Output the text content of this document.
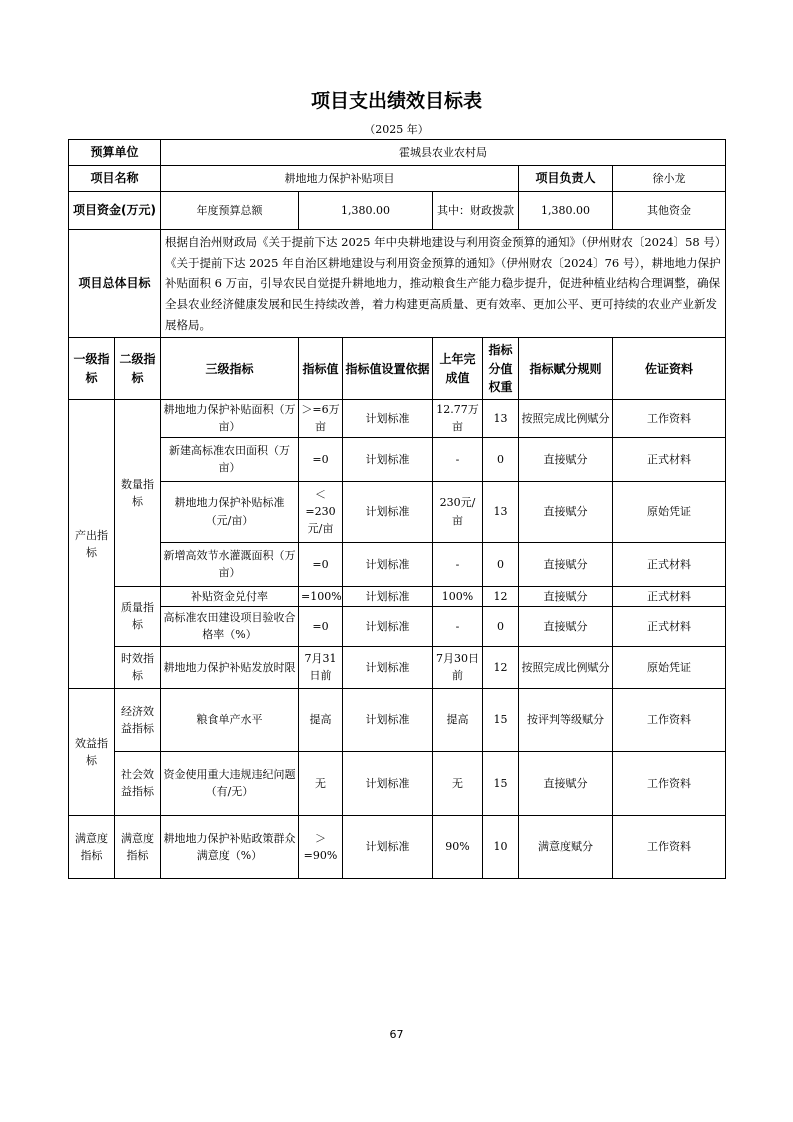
项目支出绩效目标表
（2025 年）
预算单位		霍城县农业农村局						
项目名称		耕地地力保护补贴项目					项目负责人	徐小龙
项目资金(万元)		年度预算总额	1,380.00		其中：财政拨款		1,380.00	其他资金
项目总体目标		根据自治州财政局《关于提前下达 2025 年中央耕地建设与利用资金预算的通知》（伊州财农〔2024〕58 号）《关于提前下达 2025 年自治区耕地建设与利用资金预算的通知》（伊州财农〔2024〕76 号），耕地地力保护补贴面积 6 万亩，引导农民自觉提升耕地地力，推动粮食生产能力稳步提升，促进种植业结构合理调整，确保全县农业经济健康发展和民生持续改善，着力构建更高质量、更有效率、更加公平、更可持续的农业产业新发展格局。						
一级指标	二级指标	三级指标	指标值	指标值设置依据	上年完成值	指标分值权重	指标赋分规则	佐证资料
产出指标	数量指标	耕地地力保护补贴面积（万亩）	＞=6万亩	计划标准	12.77万亩	13	按照完成比例赋分	工作资料
		新建高标准农田面积（万亩）	=0	计划标准	-	0	直接赋分	正式材料
		耕地地力保护补贴标准（元/亩）	＜=230元/亩	计划标准	230元/亩	13	直接赋分	原始凭证
		新增高效节水灌溉面积（万亩）	=0	计划标准	-	0	直接赋分	正式材料
	质量指标	补贴资金兑付率	=100%	计划标准	100%	12	直接赋分	正式材料
		高标准农田建设项目验收合格率（%）	=0	计划标准	-	0	直接赋分	正式材料
	时效指标	耕地地力保护补贴发放时限	7月31日前	计划标准	7月30日前	12	按照完成比例赋分	原始凭证
效益指标	经济效益指标	粮食单产水平	提高	计划标准	提高	15	按评判等级赋分	工作资料
	社会效益指标	资金使用重大违规违纪问题（有/无）	无	计划标准	无	15	直接赋分	工作资料
满意度指标	满意度指标	耕地地力保护补贴政策群众满意度（%）	＞=90%	计划标准	90%	10	满意度赋分	工作资料
67
